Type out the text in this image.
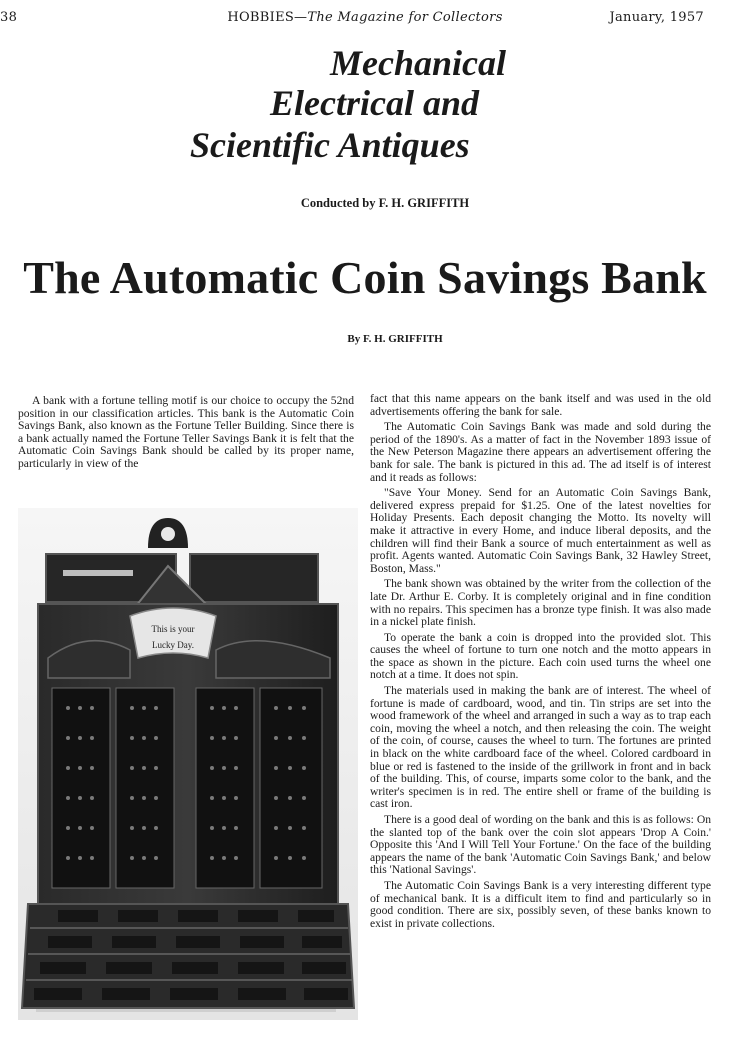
38	HOBBIES—The Magazine for Collectors	January, 1957
Mechanical
Electrical and
Scientific Antiques
Conducted by F. H. GRIFFITH
The Automatic Coin Savings Bank
By F. H. GRIFFITH

A bank with a fortune telling motif is our choice to occupy the 52nd position in our classification articles. This bank is the Automatic Coin Savings Bank, also known as the Fortune Teller Building. Since there is a bank actually named the Fortune Teller Savings Bank it is felt that the Automatic Coin Savings Bank should be called by its proper name, particularly in view of the

This is your
Lucky Day.

fact that this name appears on the bank itself and was used in the old advertisements offering the bank for sale.

The Automatic Coin Savings Bank was made and sold during the period of the 1890's. As a matter of fact in the November 1893 issue of the New Peterson Magazine there appears an advertisement offering the bank for sale. The bank is pictured in this ad. The ad itself is of interest and it reads as follows:

"Save Your Money. Send for an Automatic Coin Savings Bank, delivered express prepaid for $1.25. One of the latest novelties for Holiday Presents. Each deposit changing the Motto. Its novelty will make it attractive in every Home, and induce liberal deposits, and the children will find their Bank a source of much entertainment as well as profit. Agents wanted. Automatic Coin Savings Bank, 32 Hawley Street, Boston, Mass."

The bank shown was obtained by the writer from the collection of the late Dr. Arthur E. Corby. It is completely original and in fine condition with no repairs. This specimen has a bronze type finish. It was also made in a nickel plate finish.

To operate the bank a coin is dropped into the provided slot. This causes the wheel of fortune to turn one notch and the motto appears in the space as shown in the picture. Each coin used turns the wheel one notch at a time. It does not spin.

The materials used in making the bank are of interest. The wheel of fortune is made of cardboard, wood, and tin. Tin strips are set into the wood framework of the wheel and arranged in such a way as to trap each coin, moving the wheel a notch, and then releasing the coin. The weight of the coin, of course, causes the wheel to turn. The fortunes are printed in black on the white cardboard face of the wheel. Colored cardboard in blue or red is fastened to the inside of the grillwork in front and in back of the building. This, of course, imparts some color to the bank, and the writer's specimen is in red. The entire shell or frame of the building is cast iron.

There is a good deal of wording on the bank and this is as follows: On the slanted top of the bank over the coin slot appears 'Drop A Coin.' Opposite this 'And I Will Tell Your Fortune.' On the face of the building appears the name of the bank 'Automatic Coin Savings Bank,' and below this 'National Savings'.

The Automatic Coin Savings Bank is a very interesting different type of mechanical bank. It is a difficult item to find and particularly so in good condition. There are six, possibly seven, of these banks known to exist in private collections.
